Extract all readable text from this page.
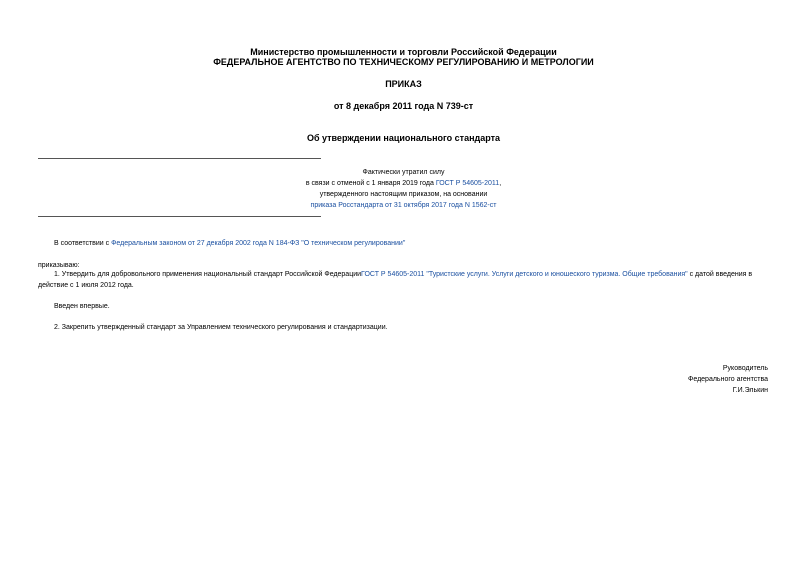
Министерство промышленности и торговли Российской Федерации
ФЕДЕРАЛЬНОЕ АГЕНТСТВО ПО ТЕХНИЧЕСКОМУ РЕГУЛИРОВАНИЮ И МЕТРОЛОГИИ
ПРИКАЗ
от 8 декабря 2011 года N 739-ст
Об утверждении национального стандарта
Фактически утратил силу
в связи с отменой с 1 января 2019 года ГОСТ Р 54605-2011,
утвержденного настоящим приказом, на основании
приказа Росстандарта от 31 октября 2017 года N 1562-ст
В соответствии с Федеральным законом от 27 декабря 2002 года N 184-ФЗ "О техническом регулировании"
приказываю:
1. Утвердить для добровольного применения национальный стандарт Российской ФедерацииГОСТ Р 54605-2011 "Туристские услуги. Услуги детского и юношеского туризма. Общие требования" с датой введения в действие с 1 июля 2012 года.
Введен впервые.
2. Закрепить утвержденный стандарт за Управлением технического регулирования и стандартизации.
Руководитель
Федерального агентства
Г.И.Элькин
